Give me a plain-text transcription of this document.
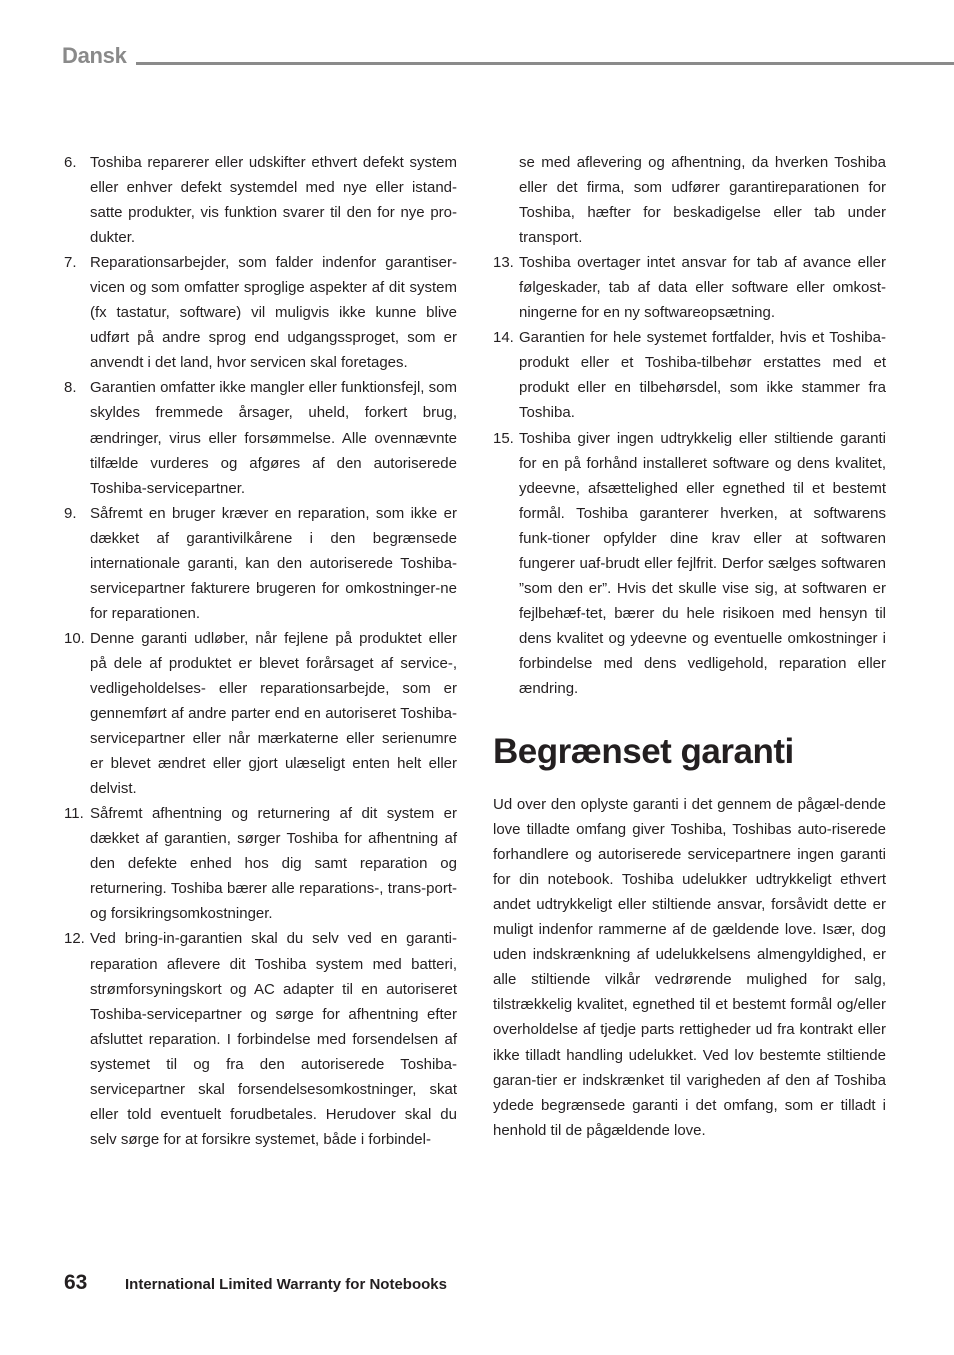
Dansk
6. Toshiba reparerer eller udskifter ethvert defekt system eller enhver defekt systemdel med nye eller istand-satte produkter, vis funktion svarer til den for nye pro-dukter.
7. Reparationsarbejder, som falder indenfor garantiser-vicen og som omfatter sproglige aspekter af dit system (fx tastatur, software) vil muligvis ikke kunne blive udført på andre sprog end udgangssproget, som er anvendt i det land, hvor servicen skal foretages.
8. Garantien omfatter ikke mangler eller funktionsfejl, som skyldes fremmede årsager, uheld, forkert brug, ændringer, virus eller forsømmelse. Alle ovennævnte tilfælde vurderes og afgøres af den autoriserede Toshiba-servicepartner.
9. Såfremt en bruger kræver en reparation, som ikke er dækket af garantivilkårene i den begrænsede internationale garanti, kan den autoriserede Toshiba-servicepartner fakturere brugeren for omkostninger-ne for reparationen.
10. Denne garanti udløber, når fejlene på produktet eller på dele af produktet er blevet forårsaget af service-, vedligeholdelses- eller reparationsarbejde, som er gennemført af andre parter end en autoriseret Toshiba-servicepartner eller når mærkaterne eller serienumre er blevet ændret eller gjort ulæseligt enten helt eller delvist.
11. Såfremt afhentning og returnering af dit system er dækket af garantien, sørger Toshiba for afhentning af den defekte enhed hos dig samt reparation og returnering. Toshiba bærer alle reparations-, trans-port- og forsikringsomkostninger.
12. Ved bring-in-garantien skal du selv ved en garanti-reparation aflevere dit Toshiba system med batteri, strømforsyningskort og AC adapter til en autoriseret Toshiba-servicepartner og sørge for afhentning efter afsluttet reparation. I forbindelse med forsendelsen af systemet til og fra den autoriserede Toshiba-servicepartner skal forsendelsesomkostninger, skat eller told eventuelt forudbetales. Herudover skal du selv sørge for at forsikre systemet, både i forbindel-

se med aflevering og afhentning, da hverken Toshiba eller det firma, som udfører garantireparationen for Toshiba, hæfter for beskadigelse eller tab under transport.

13. Toshiba overtager intet ansvar for tab af avance eller følgeskader, tab af data eller software eller omkost-ningerne for en ny softwareopsætning.
14. Garantien for hele systemet fortfalder, hvis et Toshiba-produkt eller et Toshiba-tilbehør erstattes med et produkt eller en tilbehørsdel, som ikke stammer fra Toshiba.
15. Toshiba giver ingen udtrykkelig eller stiltiende garanti for en på forhånd installeret software og dens kvalitet, ydeevne, afsættelighed eller egnethed til et bestemt formål. Toshiba garanterer hverken, at softwarens funk-tioner opfylder dine krav eller at softwaren fungerer uaf-brudt eller fejlfrit. Derfor sælges softwaren ”som den er”. Hvis det skulle vise sig, at softwaren er fejlbehæf-tet, bærer du hele risikoen med hensyn til dens kvalitet og ydeevne og eventuelle omkostninger i forbindelse med dens vedligehold, reparation eller ændring.
Begrænset garanti

Ud over den oplyste garanti i det gennem de pågæl-dende love tilladte omfang giver Toshiba, Toshibas auto-riserede forhandlere og autoriserede servicepartnere ingen garanti for din notebook. Toshiba udelukker udtrykkeligt ethvert andet udtrykkeligt eller stiltiende ansvar, forsåvidt dette er muligt indenfor rammerne af de gældende love. Især, dog uden indskrænkning af udelukkelsens almengyldighed, er alle stiltiende vilkår vedrørende mulighed for salg, tilstrækkelig kvalitet, egnethed til et bestemt formål og/eller overholdelse af tjedje parts rettigheder ud fra kontrakt eller ikke tilladt handling udelukket. Ved lov bestemte stiltiende garan-tier er indskrænket til varigheden af den af Toshiba ydede begrænsede garanti i det omfang, som er tilladt i henhold til de pågældende love.

63	International Limited Warranty for Notebooks
